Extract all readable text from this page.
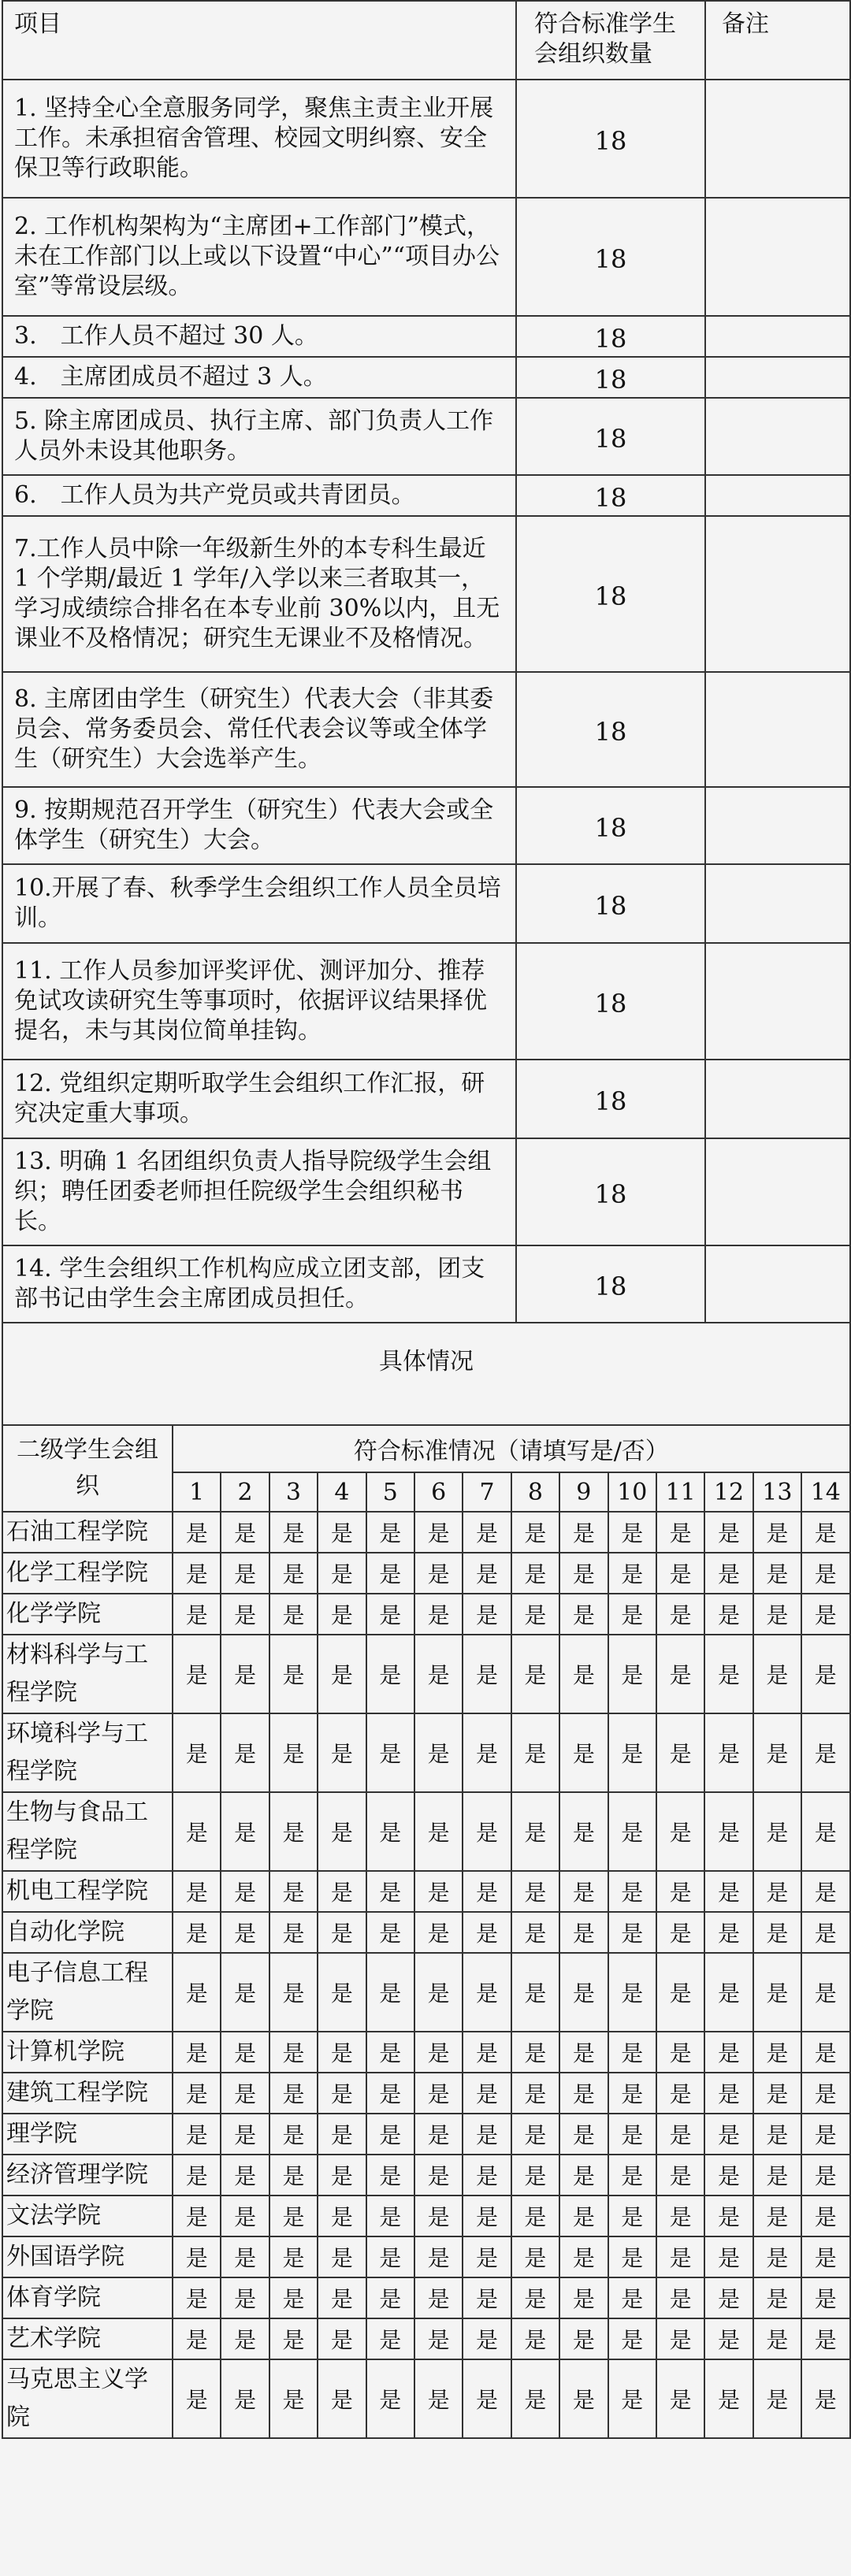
项目	符合标准学生会组织数量	备注
1. 坚持全心全意服务同学，聚焦主责主业开展工作。未承担宿舍管理、校园文明纠察、安全保卫等行政职能。	18	
2. 工作机构架构为“主席团+工作部门”模式，未在工作部门以上或以下设置“中心”“项目办公室”等常设层级。	18	
3.　工作人员不超过 30 人。	18	
4.　主席团成员不超过 3 人。	18	
5. 除主席团成员、执行主席、部门负责人工作人员外未设其他职务。	18	
6.　工作人员为共产党员或共青团员。	18	
7.工作人员中除一年级新生外的本专科生最近 1 个学期/最近 1 学年/入学以来三者取其一，学习成绩综合排名在本专业前 30%以内，且无课业不及格情况；研究生无课业不及格情况。	18	
8. 主席团由学生（研究生）代表大会（非其委员会、常务委员会、常任代表会议等或全体学生（研究生）大会选举产生。	18	
9. 按期规范召开学生（研究生）代表大会或全体学生（研究生）大会。	18	
10.开展了春、秋季学生会组织工作人员全员培训。	18	
11. 工作人员参加评奖评优、测评加分、推荐免试攻读研究生等事项时，依据评议结果择优提名，未与其岗位简单挂钩。	18	
12. 党组织定期听取学生会组织工作汇报，研究决定重大事项。	18	
13. 明确 1 名团组织负责人指导院级学生会组织；聘任团委老师担任院级学生会组织秘书长。	18	
14. 学生会组织工作机构应成立团支部，团支部书记由学生会主席团成员担任。	18	
具体情况		
二级学生会组织	符合标准情况（请填写是/否）													
	1	2	3	4	5	6	7	8	9	10	11	12	13	14
石油工程学院	是	是	是	是	是	是	是	是	是	是	是	是	是	是
化学工程学院	是	是	是	是	是	是	是	是	是	是	是	是	是	是
化学学院	是	是	是	是	是	是	是	是	是	是	是	是	是	是
材料科学与工程学院	是	是	是	是	是	是	是	是	是	是	是	是	是	是
环境科学与工程学院	是	是	是	是	是	是	是	是	是	是	是	是	是	是
生物与食品工程学院	是	是	是	是	是	是	是	是	是	是	是	是	是	是
机电工程学院	是	是	是	是	是	是	是	是	是	是	是	是	是	是
自动化学院	是	是	是	是	是	是	是	是	是	是	是	是	是	是
电子信息工程学院	是	是	是	是	是	是	是	是	是	是	是	是	是	是
计算机学院	是	是	是	是	是	是	是	是	是	是	是	是	是	是
建筑工程学院	是	是	是	是	是	是	是	是	是	是	是	是	是	是
理学院	是	是	是	是	是	是	是	是	是	是	是	是	是	是
经济管理学院	是	是	是	是	是	是	是	是	是	是	是	是	是	是
文法学院	是	是	是	是	是	是	是	是	是	是	是	是	是	是
外国语学院	是	是	是	是	是	是	是	是	是	是	是	是	是	是
体育学院	是	是	是	是	是	是	是	是	是	是	是	是	是	是
艺术学院	是	是	是	是	是	是	是	是	是	是	是	是	是	是
马克思主义学院	是	是	是	是	是	是	是	是	是	是	是	是	是	是
